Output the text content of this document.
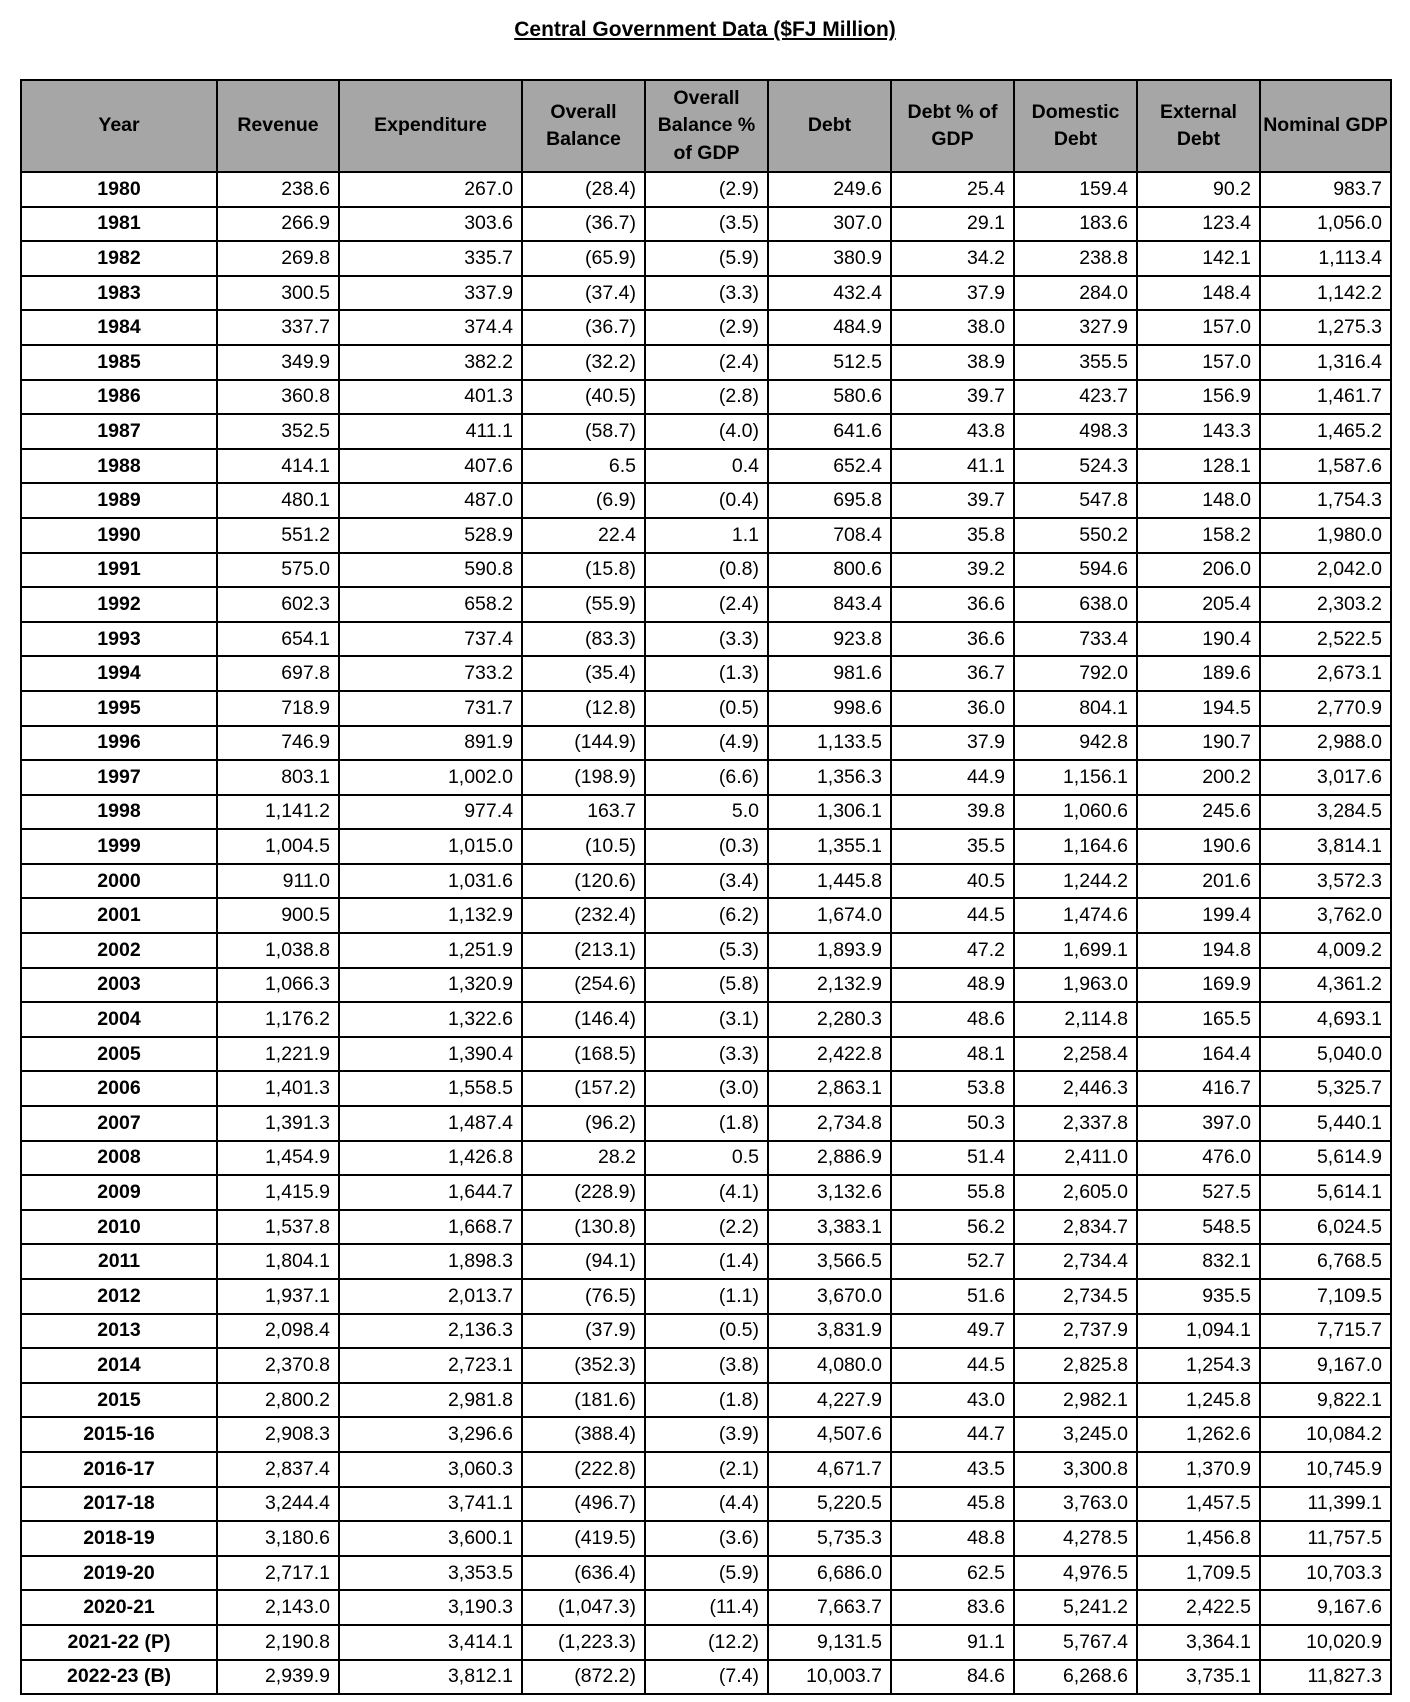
Central Government Data ($FJ Million)
Year	Revenue	Expenditure	Overall Balance	Overall Balance % of GDP	Debt	Debt % of GDP	Domestic Debt	External Debt	Nominal GDP
1980	238.6	267.0	(28.4)	(2.9)	249.6	25.4	159.4	90.2	983.7
1981	266.9	303.6	(36.7)	(3.5)	307.0	29.1	183.6	123.4	1,056.0
1982	269.8	335.7	(65.9)	(5.9)	380.9	34.2	238.8	142.1	1,113.4
1983	300.5	337.9	(37.4)	(3.3)	432.4	37.9	284.0	148.4	1,142.2
1984	337.7	374.4	(36.7)	(2.9)	484.9	38.0	327.9	157.0	1,275.3
1985	349.9	382.2	(32.2)	(2.4)	512.5	38.9	355.5	157.0	1,316.4
1986	360.8	401.3	(40.5)	(2.8)	580.6	39.7	423.7	156.9	1,461.7
1987	352.5	411.1	(58.7)	(4.0)	641.6	43.8	498.3	143.3	1,465.2
1988	414.1	407.6	6.5	0.4	652.4	41.1	524.3	128.1	1,587.6
1989	480.1	487.0	(6.9)	(0.4)	695.8	39.7	547.8	148.0	1,754.3
1990	551.2	528.9	22.4	1.1	708.4	35.8	550.2	158.2	1,980.0
1991	575.0	590.8	(15.8)	(0.8)	800.6	39.2	594.6	206.0	2,042.0
1992	602.3	658.2	(55.9)	(2.4)	843.4	36.6	638.0	205.4	2,303.2
1993	654.1	737.4	(83.3)	(3.3)	923.8	36.6	733.4	190.4	2,522.5
1994	697.8	733.2	(35.4)	(1.3)	981.6	36.7	792.0	189.6	2,673.1
1995	718.9	731.7	(12.8)	(0.5)	998.6	36.0	804.1	194.5	2,770.9
1996	746.9	891.9	(144.9)	(4.9)	1,133.5	37.9	942.8	190.7	2,988.0
1997	803.1	1,002.0	(198.9)	(6.6)	1,356.3	44.9	1,156.1	200.2	3,017.6
1998	1,141.2	977.4	163.7	5.0	1,306.1	39.8	1,060.6	245.6	3,284.5
1999	1,004.5	1,015.0	(10.5)	(0.3)	1,355.1	35.5	1,164.6	190.6	3,814.1
2000	911.0	1,031.6	(120.6)	(3.4)	1,445.8	40.5	1,244.2	201.6	3,572.3
2001	900.5	1,132.9	(232.4)	(6.2)	1,674.0	44.5	1,474.6	199.4	3,762.0
2002	1,038.8	1,251.9	(213.1)	(5.3)	1,893.9	47.2	1,699.1	194.8	4,009.2
2003	1,066.3	1,320.9	(254.6)	(5.8)	2,132.9	48.9	1,963.0	169.9	4,361.2
2004	1,176.2	1,322.6	(146.4)	(3.1)	2,280.3	48.6	2,114.8	165.5	4,693.1
2005	1,221.9	1,390.4	(168.5)	(3.3)	2,422.8	48.1	2,258.4	164.4	5,040.0
2006	1,401.3	1,558.5	(157.2)	(3.0)	2,863.1	53.8	2,446.3	416.7	5,325.7
2007	1,391.3	1,487.4	(96.2)	(1.8)	2,734.8	50.3	2,337.8	397.0	5,440.1
2008	1,454.9	1,426.8	28.2	0.5	2,886.9	51.4	2,411.0	476.0	5,614.9
2009	1,415.9	1,644.7	(228.9)	(4.1)	3,132.6	55.8	2,605.0	527.5	5,614.1
2010	1,537.8	1,668.7	(130.8)	(2.2)	3,383.1	56.2	2,834.7	548.5	6,024.5
2011	1,804.1	1,898.3	(94.1)	(1.4)	3,566.5	52.7	2,734.4	832.1	6,768.5
2012	1,937.1	2,013.7	(76.5)	(1.1)	3,670.0	51.6	2,734.5	935.5	7,109.5
2013	2,098.4	2,136.3	(37.9)	(0.5)	3,831.9	49.7	2,737.9	1,094.1	7,715.7
2014	2,370.8	2,723.1	(352.3)	(3.8)	4,080.0	44.5	2,825.8	1,254.3	9,167.0
2015	2,800.2	2,981.8	(181.6)	(1.8)	4,227.9	43.0	2,982.1	1,245.8	9,822.1
2015-16	2,908.3	3,296.6	(388.4)	(3.9)	4,507.6	44.7	3,245.0	1,262.6	10,084.2
2016-17	2,837.4	3,060.3	(222.8)	(2.1)	4,671.7	43.5	3,300.8	1,370.9	10,745.9
2017-18	3,244.4	3,741.1	(496.7)	(4.4)	5,220.5	45.8	3,763.0	1,457.5	11,399.1
2018-19	3,180.6	3,600.1	(419.5)	(3.6)	5,735.3	48.8	4,278.5	1,456.8	11,757.5
2019-20	2,717.1	3,353.5	(636.4)	(5.9)	6,686.0	62.5	4,976.5	1,709.5	10,703.3
2020-21	2,143.0	3,190.3	(1,047.3)	(11.4)	7,663.7	83.6	5,241.2	2,422.5	9,167.6
2021-22 (P)	2,190.8	3,414.1	(1,223.3)	(12.2)	9,131.5	91.1	5,767.4	3,364.1	10,020.9
2022-23 (B)	2,939.9	3,812.1	(872.2)	(7.4)	10,003.7	84.6	6,268.6	3,735.1	11,827.3
